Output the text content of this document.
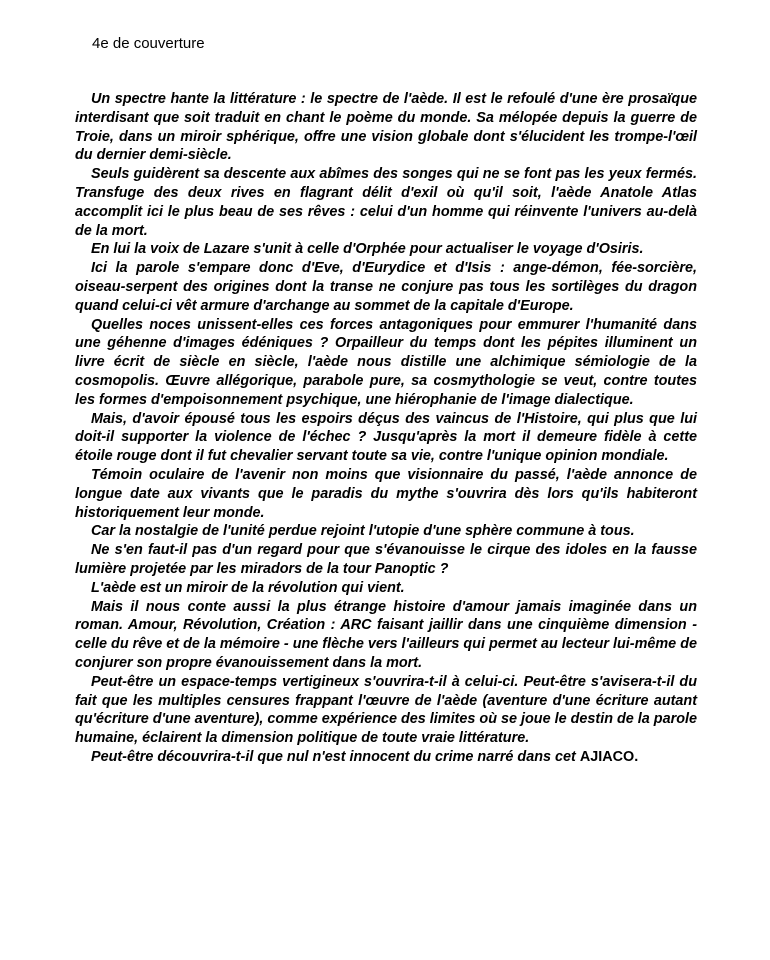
4e de couverture

Un spectre hante la littérature : le spectre de l'aède. Il est le refoulé d'une ère prosaïque interdisant que soit traduit en chant le poème du monde. Sa mélopée depuis la guerre de Troie, dans un miroir sphérique, offre une vision globale dont s'élucident les trompe-l'œil du dernier demi-siècle.

Seuls guidèrent sa descente aux abîmes des songes qui ne se font pas les yeux fermés. Transfuge des deux rives en flagrant délit d'exil où qu'il soit, l'aède Anatole Atlas accomplit ici le plus beau de ses rêves : celui d'un homme qui réinvente l'univers au-delà de la mort.

En lui la voix de Lazare s'unit à celle d'Orphée pour actualiser le voyage d'Osiris.

Ici la parole s'empare donc d'Eve, d'Eurydice et d'Isis : ange-démon, fée-sorcière, oiseau-serpent des origines dont la transe ne conjure pas tous les sortilèges du dragon quand celui-ci vêt armure d'archange au sommet de la capitale d'Europe.

Quelles noces unissent-elles ces forces antagoniques pour emmurer l'humanité dans une géhenne d'images édéniques ? Orpailleur du temps dont les pépites illuminent un livre écrit de siècle en siècle, l'aède nous distille une alchimique sémiologie de la cosmopolis. Œuvre allégorique, parabole pure, sa cosmythologie se veut, contre toutes les formes d'empoisonnement psychique, une hiérophanie de l'image dialectique.

Mais, d'avoir épousé tous les espoirs déçus des vaincus de l'Histoire, qui plus que lui doit-il supporter la violence de l'échec ? Jusqu'après la mort il demeure fidèle à cette étoile rouge dont il fut chevalier servant toute sa vie, contre l'unique opinion mondiale.

Témoin oculaire de l'avenir non moins que visionnaire du passé, l'aède annonce de longue date aux vivants que le paradis du mythe s'ouvrira dès lors qu'ils habiteront historiquement leur monde.

Car la nostalgie de l'unité perdue rejoint l'utopie d'une sphère commune à tous.

Ne s'en faut-il pas d'un regard pour que s'évanouisse le cirque des idoles en la fausse lumière projetée par les miradors de la tour Panoptic ?

L'aède est un miroir de la révolution qui vient.

Mais il nous conte aussi la plus étrange histoire d'amour jamais imaginée dans un roman. Amour, Révolution, Création : ARC faisant jaillir dans une cinquième dimension - celle du rêve et de la mémoire - une flèche vers l'ailleurs qui permet au lecteur lui-même de conjurer son propre évanouissement dans la mort.

Peut-être un espace-temps vertigineux s'ouvrira-t-il à celui-ci. Peut-être s'avisera-t-il du fait que les multiples censures frappant l'œuvre de l'aède (aventure d'une écriture autant qu'écriture d'une aventure), comme expérience des limites où se joue le destin de la parole humaine, éclairent la dimension politique de toute vraie littérature.

Peut-être découvrira-t-il que nul n'est innocent du crime narré dans cet AJIACO.
